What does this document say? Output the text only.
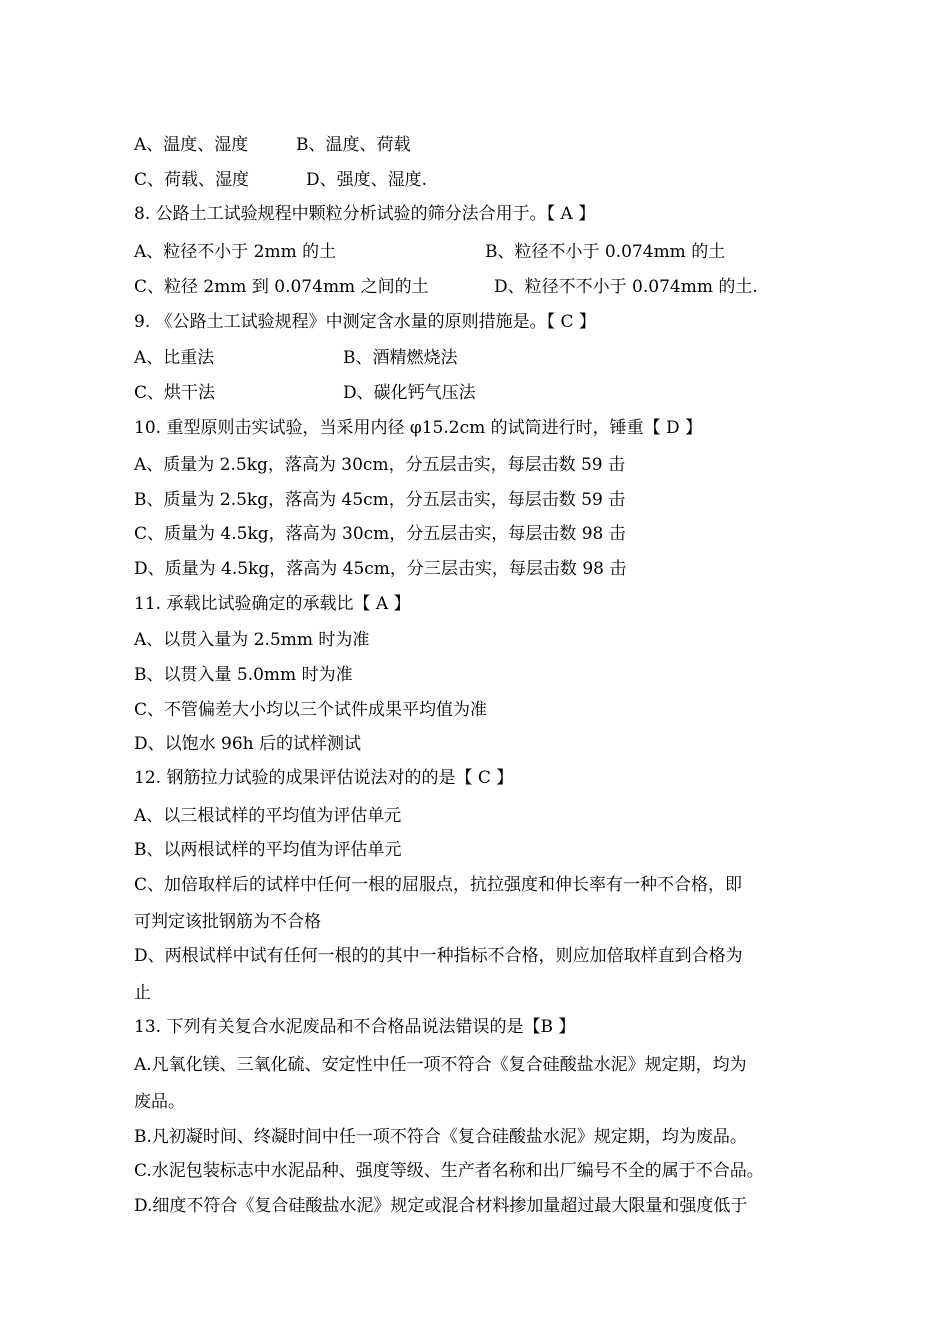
A、温度、湿度	B、温度、荷载
C、荷载、湿度	D、强度、湿度.
8. 公路土工试验规程中颗粒分析试验的筛分法合用于。【 A 】
A、粒径不小于 2mm 的土	B、粒径不小于 0.074mm 的土
C、粒径 2mm 到 0.074mm 之间的土	D、粒径不不小于 0.074mm 的土.
9. 《公路土工试验规程》中测定含水量的原则措施是。【 C 】
A、比重法	B、酒精燃烧法
C、烘干法	D、碳化钙气压法
10. 重型原则击实试验，当采用内径 φ15.2cm 的试筒进行时，锤重【 D 】
A、质量为 2.5kg，落高为 30cm，分五层击实，每层击数 59 击
B、质量为 2.5kg，落高为 45cm，分五层击实，每层击数 59 击
C、质量为 4.5kg，落高为 30cm，分五层击实，每层击数 98 击
D、质量为 4.5kg，落高为 45cm，分三层击实，每层击数 98 击
11. 承载比试验确定的承载比【 A 】
A、以贯入量为 2.5mm 时为准
B、以贯入量 5.0mm 时为准
C、不管偏差大小均以三个试件成果平均值为准
D、以饱水 96h 后的试样测试
12. 钢筋拉力试验的成果评估说法对的的是【 C 】
A、以三根试样的平均值为评估单元
B、以两根试样的平均值为评估单元
C、加倍取样后的试样中任何一根的屈服点，抗拉强度和伸长率有一种不合格，即
可判定该批钢筋为不合格
D、两根试样中试有任何一根的的其中一种指标不合格，则应加倍取样直到合格为
止
13. 下列有关复合水泥废品和不合格品说法错误的是【B 】
A.凡氧化镁、三氧化硫、安定性中任一项不符合《复合硅酸盐水泥》规定期，均为
废品。
B.凡初凝时间、终凝时间中任一项不符合《复合硅酸盐水泥》规定期，均为废品。
C.水泥包装标志中水泥品种、强度等级、生产者名称和出厂编号不全的属于不合品。
D.细度不符合《复合硅酸盐水泥》规定或混合材料掺加量超过最大限量和强度低于
